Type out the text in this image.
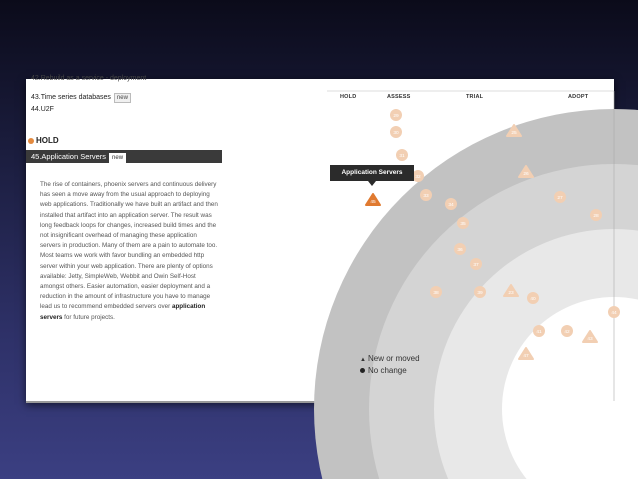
42.Rebuild as a service - deployment
43.Time series databases new
44.U2F
HOLD
45.Application Servers new

The rise of containers, phoenix servers and continuous delivery has seen a move away from the usual approach to deploying web applications. Traditionally we have built an artifact and then installed that artifact into an application server. The result was long feedback loops for changes, increased build times and the not insignificant overhead of managing these application servers in production. Many of them are a pain to automate too. Most teams we work with favor bundling an embedded http server within your web application. There are plenty of options available: Jetty, SimpleWeb, Webbit and Owin Self-Host amongst others. Easier automation, easier deployment and a reduction in the amount of infrastructure you have to manage lead us to recommend embedded servers over application servers for future projects.

29
30
31
32
33
34
35
36
37
25
26
27
28
38	39
40
23
41	42
43
44
45
47
HOLD	ASSESS	TRIAL	ADOPT
Application Servers
▲ New or moved
No change
